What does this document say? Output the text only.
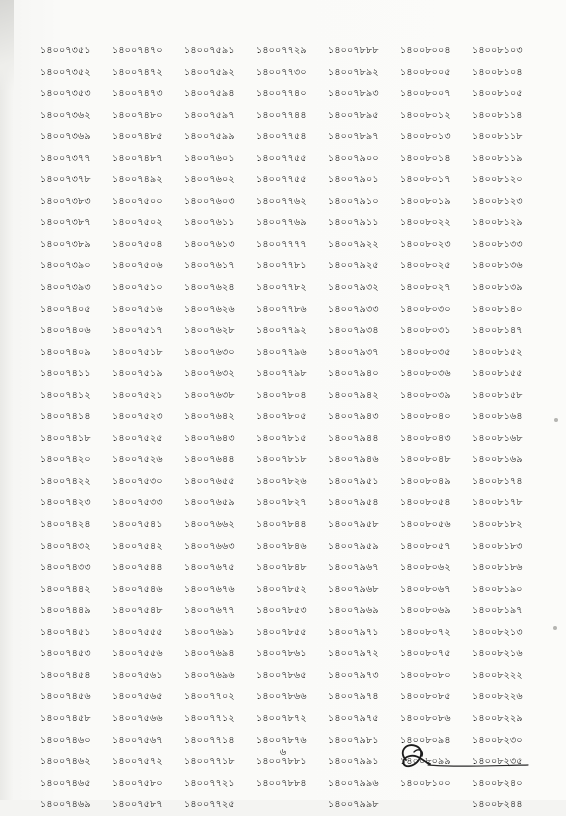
১৪০০৭৩৫১
১৪০০৭৩৫২
১৪০০৭৩৫৩
১৪০০৭৩৬২
১৪০০৭৩৬৯
১৪০০৭৩৭৭
১৪০০৭৩৭৮
১৪০০৭৩৮৩
১৪০০৭৩৮৭
১৪০০৭৩৮৯
১৪০০৭৩৯০
১৪০০৭৩৯৩
১৪০০৭৪০৫
১৪০০৭৪০৬
১৪০০৭৪০৯
১৪০০৭৪১১
১৪০০৭৪১২
১৪০০৭৪১৪
১৪০০৭৪১৮
১৪০০৭৪২০
১৪০০৭৪২২
১৪০০৭৪২৩
১৪০০৭৪২৪
১৪০০৭৪৩২
১৪০০৭৪৩৩
১৪০০৭৪৪২
১৪০০৭৪৪৯
১৪০০৭৪৫১
১৪০০৭৪৫৩
১৪০০৭৪৫৪
১৪০০৭৪৫৬
১৪০০৭৪৫৮
১৪০০৭৪৬০
১৪০০৭৪৬২
১৪০০৭৪৬৫
১৪০০৭৪৬৯
১৪০০৭৪৭০
১৪০০৭৪৭২
১৪০০৭৪৭৩
১৪০০৭৪৮০
১৪০০৭৪৮৫
১৪০০৭৪৮৭
১৪০০৭৪৯২
১৪০০৭৫০০
১৪০০৭৫০২
১৪০০৭৫০৪
১৪০০৭৫০৬
১৪০০৭৫১০
১৪০০৭৫১৬
১৪০০৭৫১৭
১৪০০৭৫১৮
১৪০০৭৫১৯
১৪০০৭৫২১
১৪০০৭৫২৩
১৪০০৭৫২৫
১৪০০৭৫২৬
১৪০০৭৫৩০
১৪০০৭৫৩৩
১৪০০৭৫৪১
১৪০০৭৫৪২
১৪০০৭৫৪৪
১৪০০৭৫৪৬
১৪০০৭৫৪৮
১৪০০৭৫৫৫
১৪০০৭৫৫৬
১৪০০৭৫৬১
১৪০০৭৫৬৫
১৪০০৭৫৬৬
১৪০০৭৫৬৭
১৪০০৭৫৭২
১৪০০৭৫৮০
১৪০০৭৫৮৭
১৪০০৭৫৯১
১৪০০৭৫৯২
১৪০০৭৫৯৪
১৪০০৭৫৯৭
১৪০০৭৫৯৯
১৪০০৭৬০১
১৪০০৭৬০২
১৪০০৭৬০৩
১৪০০৭৬১১
১৪০০৭৬১৩
১৪০০৭৬১৭
১৪০০৭৬২৪
১৪০০৭৬২৬
১৪০০৭৬২৮
১৪০০৭৬৩০
১৪০০৭৬৩২
১৪০০৭৬৩৮
১৪০০৭৬৪২
১৪০০৭৬৪৩
১৪০০৭৬৪৪
১৪০০৭৬৫৫
১৪০০৭৬৫৯
১৪০০৭৬৬২
১৪০০৭৬৬৩
১৪০০৭৬৭৫
১৪০০৭৬৭৬
১৪০০৭৬৭৭
১৪০০৭৬৯১
১৪০০৭৬৯৪
১৪০০৭৬৯৬
১৪০০৭৭০২
১৪০০৭৭১২
১৪০০৭৭১৪
১৪০০৭৭১৮
১৪০০৭৭২১
১৪০০৭৭২৫
১৪০০৭৭২৯
১৪০০৭৭৩০
১৪০০৭৭৪০
১৪০০৭৭৪৪
১৪০০৭৭৫৪
১৪০০৭৭৫৫
১৪০০৭৭৫৫
১৪০০৭৭৬২
১৪০০৭৭৬৯
১৪০০৭৭৭৭
১৪০০৭৭৮১
১৪০০৭৭৮২
১৪০০৭৭৮৬
১৪০০৭৭৯২
১৪০০৭৭৯৬
১৪০০৭৭৯৮
১৪০০৭৮০৪
১৪০০৭৮০৫
১৪০০৭৮১৫
১৪০০৭৮১৮
১৪০০৭৮২৬
১৪০০৭৮২৭
১৪০০৭৮৪৪
১৪০০৭৮৪৬
১৪০০৭৮৪৮
১৪০০৭৮৫২
১৪০০৭৮৫৩
১৪০০৭৮৫৫
১৪০০৭৮৬১
১৪০০৭৮৬৫
১৪০০৭৮৬৬
১৪০০৭৮৭২
১৪০০৭৮৭৬
১৪০০৭৮৮১
১৪০০৭৮৮৪
১৪০০৭৮৮৮
১৪০০৭৮৯২
১৪০০৭৮৯৩
১৪০০৭৮৯৫
১৪০০৭৮৯৭
১৪০০৭৯০০
১৪০০৭৯০১
১৪০০৭৯১০
১৪০০৭৯১১
১৪০০৭৯২২
১৪০০৭৯২৫
১৪০০৭৯৩২
১৪০০৭৯৩৩
১৪০০৭৯৩৪
১৪০০৭৯৩৭
১৪০০৭৯৪০
১৪০০৭৯৪২
১৪০০৭৯৪৩
১৪০০৭৯৪৪
১৪০০৭৯৪৬
১৪০০৭৯৫১
১৪০০৭৯৫৪
১৪০০৭৯৫৮
১৪০০৭৯৫৯
১৪০০৭৯৬৭
১৪০০৭৯৬৮
১৪০০৭৯৬৯
১৪০০৭৯৭১
১৪০০৭৯৭২
১৪০০৭৯৭৩
১৪০০৭৯৭৪
১৪০০৭৯৭৫
১৪০০৭৯৮১
১৪০০৭৯৯১
১৪০০৭৯৯৬
১৪০০৭৯৯৮
১৪০০৮০০৪
১৪০০৮০০৫
১৪০০৮০০৭
১৪০০৮০১২
১৪০০৮০১৩
১৪০০৮০১৪
১৪০০৮০১৭
১৪০০৮০১৯
১৪০০৮০২২
১৪০০৮০২৩
১৪০০৮০২৫
১৪০০৮০২৭
১৪০০৮০৩০
১৪০০৮০৩১
১৪০০৮০৩৫
১৪০০৮০৩৬
১৪০০৮০৩৯
১৪০০৮০৪০
১৪০০৮০৪৩
১৪০০৮০৪৮
১৪০০৮০৪৯
১৪০০৮০৫৪
১৪০০৮০৫৬
১৪০০৮০৫৭
১৪০০৮০৬২
১৪০০৮০৬৭
১৪০০৮০৬৯
১৪০০৮০৭২
১৪০০৮০৭৫
১৪০০৮০৮০
১৪০০৮০৮৫
১৪০০৮০৮৬
১৪০০৮০৯৪
১৪০০৮০৯৯
১৪০০৮১০০
১৪০০৮১০৩
১৪০০৮১০৪
১৪০০৮১০৫
১৪০০৮১১৪
১৪০০৮১১৮
১৪০০৮১১৯
১৪০০৮১২০
১৪০০৮১২৩
১৪০০৮১২৯
১৪০০৮১৩৩
১৪০০৮১৩৬
১৪০০৮১৩৯
১৪০০৮১৪০
১৪০০৮১৪৭
১৪০০৮১৫২
১৪০০৮১৫৫
১৪০০৮১৫৮
১৪০০৮১৬৪
১৪০০৮১৬৮
১৪০০৮১৬৯
১৪০০৮১৭৪
১৪০০৮১৭৮
১৪০০৮১৮২
১৪০০৮১৮৩
১৪০০৮১৮৬
১৪০০৮১৯০
১৪০০৮১৯৭
১৪০০৮২১৩
১৪০০৮২১৬
১৪০০৮২২২
১৪০০৮২২৬
১৪০০৮২২৯
১৪০০৮২৩০
১৪০০৮২৩৫
১৪০০৮২৪০
১৪০০৮২৪৪
৬
